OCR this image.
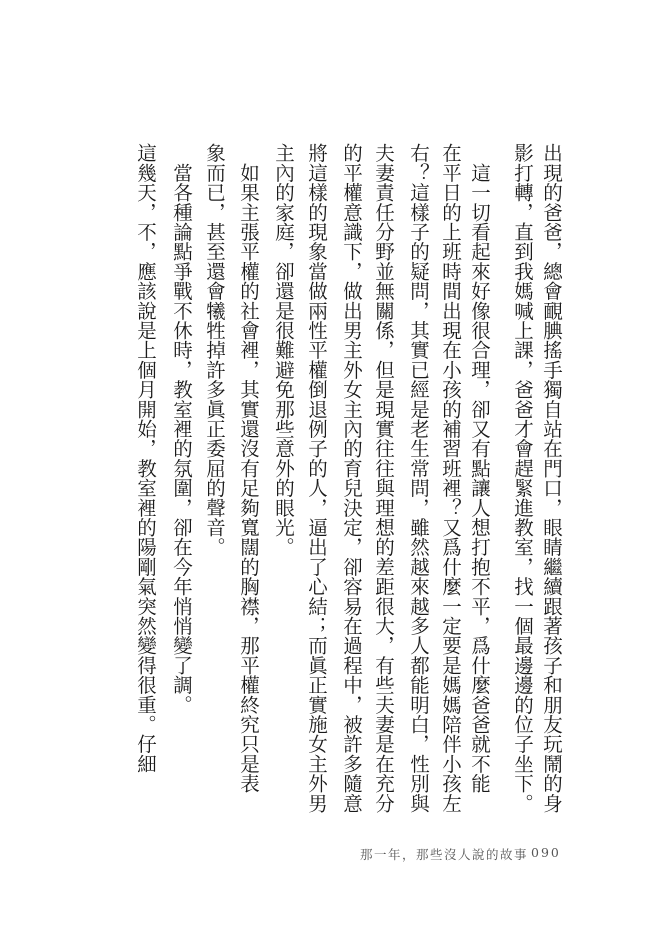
出現的爸爸，總會靦腆搖手獨自站在門口，眼睛繼續跟著孩子和朋友玩鬧的身
影打轉，直到我媽喊上課，爸爸才會趕緊進教室，找一個最邊邊的位子坐下。
　這一切看起來好像很合理，卻又有點讓人想打抱不平，爲什麼爸爸就不能
在平日的上班時間出現在小孩的補習班裡？又爲什麼一定要是媽媽陪伴小孩左
右？這樣子的疑問，其實已經是老生常問，雖然越來越多人都能明白，性別與
夫妻責任分野並無關係，但是現實往往與理想的差距很大，有些夫妻是在充分
的平權意識下，做出男主外女主內的育兒決定，卻容易在過程中，被許多隨意
將這樣的現象當做兩性平權倒退例子的人，逼出了心結；而眞正實施女主外男
主內的家庭，卻還是很難避免那些意外的眼光。
　如果主張平權的社會裡，其實還沒有足夠寬闊的胸襟，那平權終究只是表
象而已，甚至還會犧牲掉許多眞正委屈的聲音。
　當各種論點爭戰不休時，教室裡的氛圍，卻在今年悄悄變了調。
這幾天，不，應該說是上個月開始，教室裡的陽剛氣突然變得很重。仔細
那一年，那些沒人說的故事 090
